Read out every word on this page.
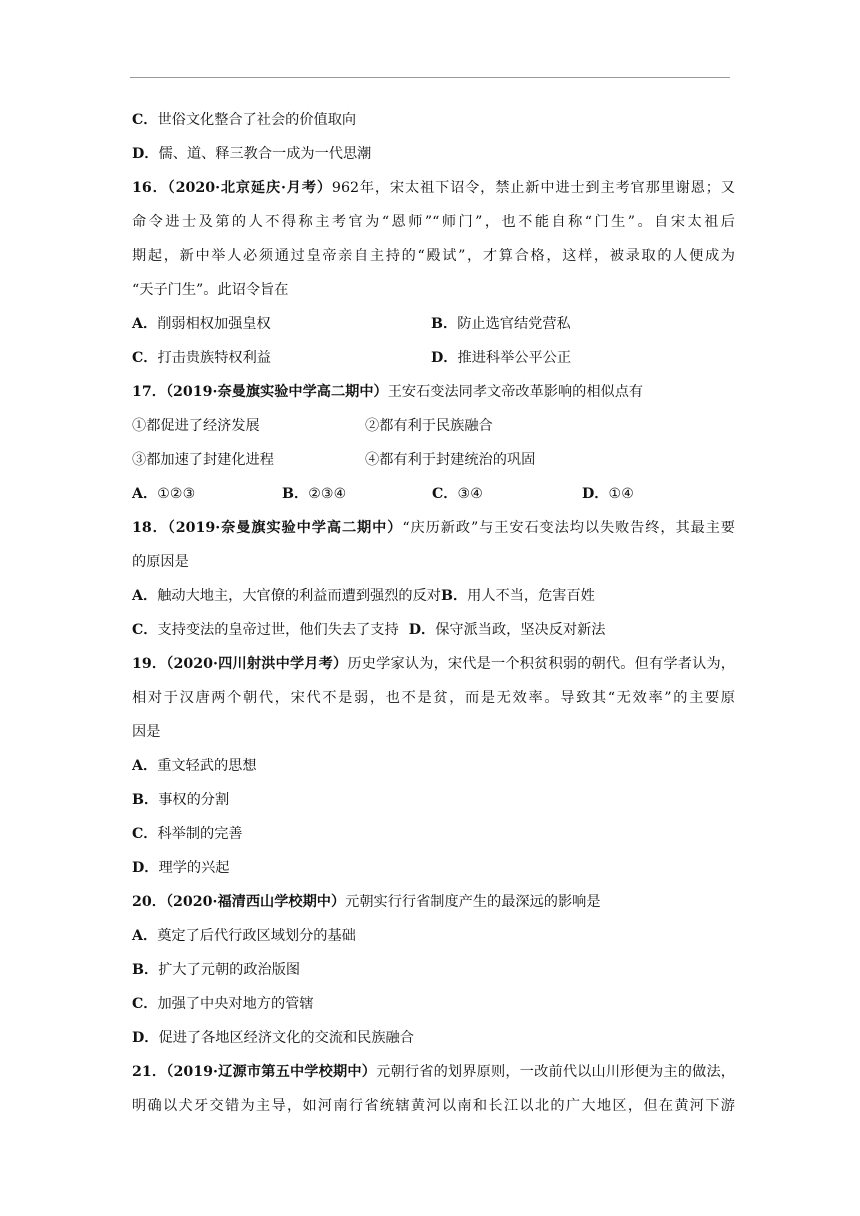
C．世俗文化整合了社会的价值取向
D．儒、道、释三教合一成为一代思潮
16．（2020·北京延庆·月考）962年，宋太祖下诏令，禁止新中进士到主考官那里谢恩；又
命令进士及第的人不得称主考官为“恩师”“师门”，也不能自称“门生”。自宋太祖后
期起，新中举人必须通过皇帝亲自主持的“殿试”，才算合格，这样，被录取的人便成为
“天子门生”。此诏令旨在
A．削弱相权加强皇权	B．防止选官结党营私
C．打击贵族特权利益	D．推进科举公平公正
17．（2019·奈曼旗实验中学高二期中）王安石变法同孝文帝改革影响的相似点有
①都促进了经济发展	②都有利于民族融合
③都加速了封建化进程	④都有利于封建统治的巩固
A．①②③	B．②③④	C．③④	D．①④
18．（2019·奈曼旗实验中学高二期中）“庆历新政”与王安石变法均以失败告终，其最主要
的原因是
A．触动大地主，大官僚的利益而遭到强烈的反对B．用人不当，危害百姓
C．支持变法的皇帝过世，他们失去了支持 D．保守派当政，坚决反对新法
19．（2020·四川射洪中学月考）历史学家认为，宋代是一个积贫积弱的朝代。但有学者认为，
相对于汉唐两个朝代，宋代不是弱，也不是贫，而是无效率。导致其“无效率”的主要原
因是
A．重文轻武的思想
B．事权的分割
C．科举制的完善
D．理学的兴起
20．（2020·福清西山学校期中）元朝实行行省制度产生的最深远的影响是
A．奠定了后代行政区域划分的基础
B．扩大了元朝的政治版图
C．加强了中央对地方的管辖
D．促进了各地区经济文化的交流和民族融合
21．（2019·辽源市第五中学校期中）元朝行省的划界原则，一改前代以山川形便为主的做法，
明确以犬牙交错为主导，如河南行省统辖黄河以南和长江以北的广大地区，但在黄河下游
